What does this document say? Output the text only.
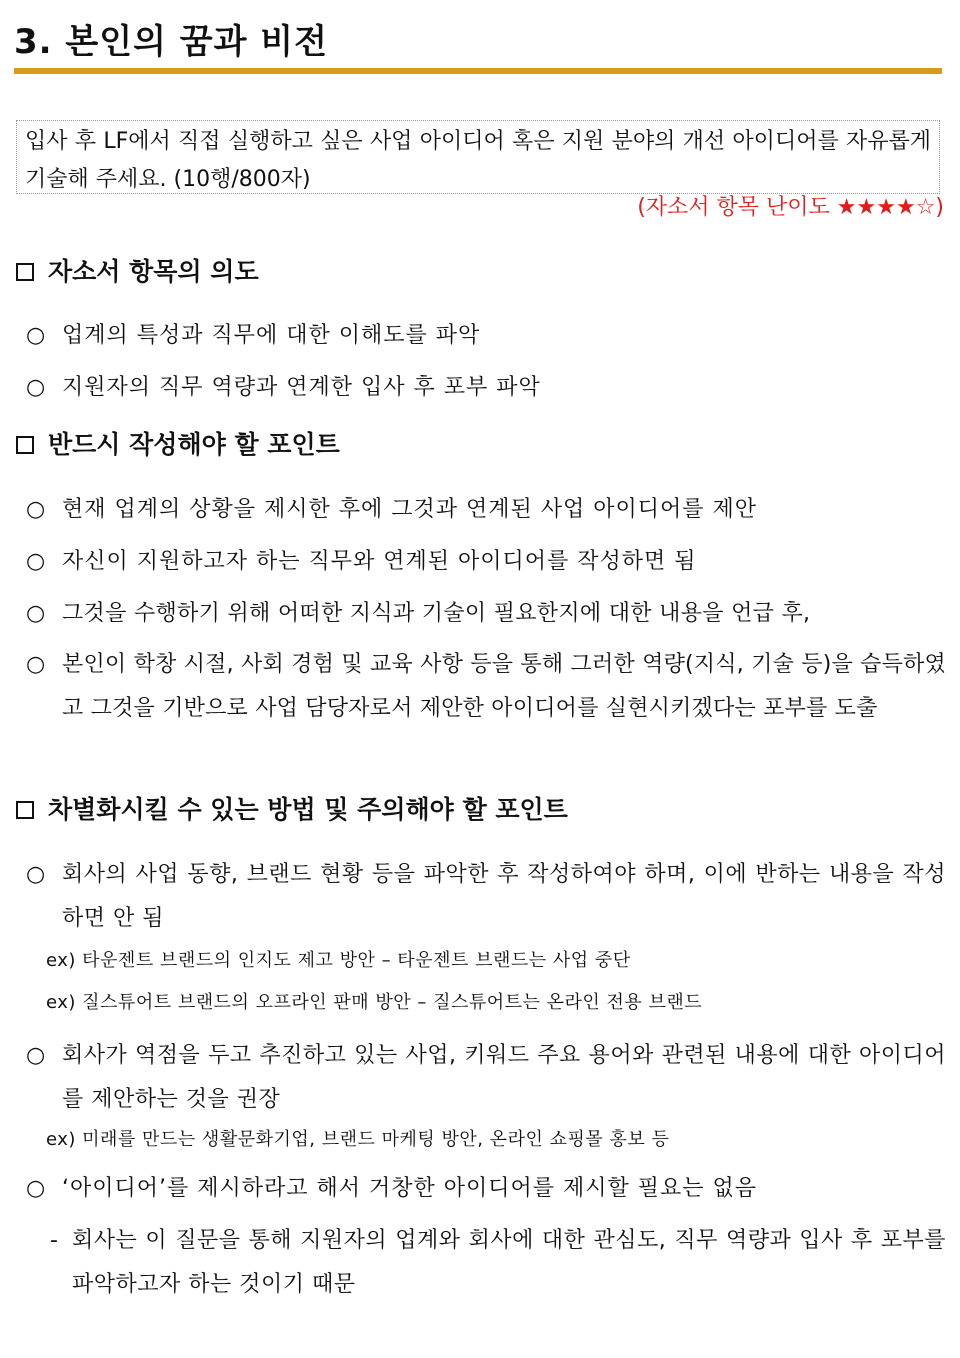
3. 본인의 꿈과 비전
입사 후 LF에서 직접 실행하고 싶은 사업 아이디어 혹은 지원 분야의 개선 아이디어를 자유롭게 기술해 주세요. (10행/800자)
(자소서 항목 난이도 ★★★★☆)
자소서 항목의 의도
○ 업계의 특성과 직무에 대한 이해도를 파악
○ 지원자의 직무 역량과 연계한 입사 후 포부 파악
반드시 작성해야 할 포인트
○ 현재 업계의 상황을 제시한 후에 그것과 연계된 사업 아이디어를 제안
○ 자신이 지원하고자 하는 직무와 연계된 아이디어를 작성하면 됨
○ 그것을 수행하기 위해 어떠한 지식과 기술이 필요한지에 대한 내용을 언급 후,
○ 본인이 학창 시절, 사회 경험 및 교육 사항 등을 통해 그러한 역량(지식, 기술 등)을 습득하였고 그것을 기반으로 사업 담당자로서 제안한 아이디어를 실현시키겠다는 포부를 도출
차별화시킬 수 있는 방법 및 주의해야 할 포인트
○ 회사의 사업 동향, 브랜드 현황 등을 파악한 후 작성하여야 하며, 이에 반하는 내용을 작성하면 안 됨
ex) 타운젠트 브랜드의 인지도 제고 방안 – 타운젠트 브랜드는 사업 중단
ex) 질스튜어트 브랜드의 오프라인 판매 방안 – 질스튜어트는 온라인 전용 브랜드
○ 회사가 역점을 두고 추진하고 있는 사업, 키워드 주요 용어와 관련된 내용에 대한 아이디어를 제안하는 것을 권장
ex) 미래를 만드는 생활문화기업, 브랜드 마케팅 방안, 온라인 쇼핑몰 홍보 등
○ ‘아이디어’를 제시하라고 해서 거창한 아이디어를 제시할 필요는 없음
- 회사는 이 질문을 통해 지원자의 업계와 회사에 대한 관심도, 직무 역량과 입사 후 포부를 파악하고자 하는 것이기 때문
